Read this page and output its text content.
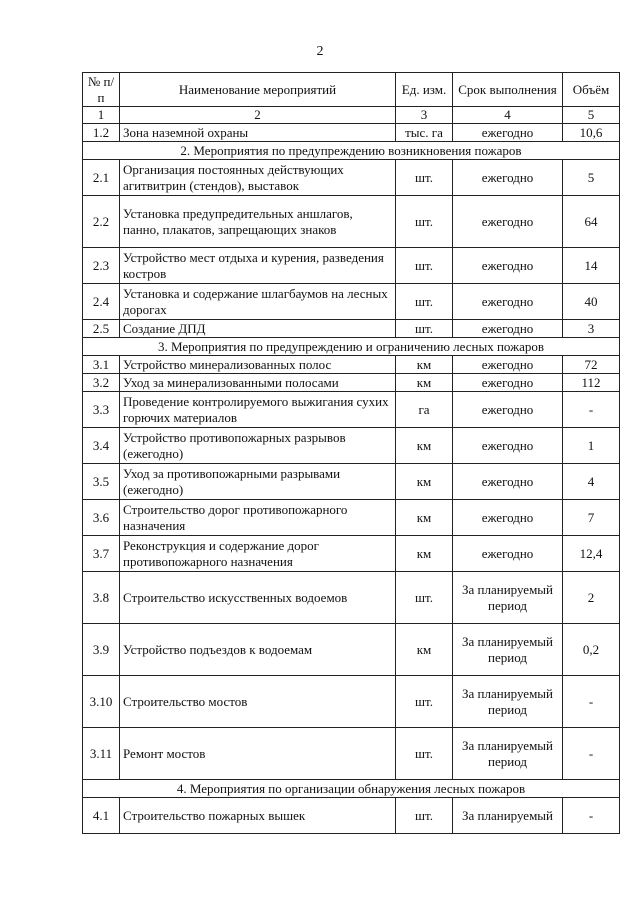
2
№ п/п	Наименование мероприятий	Ед. изм.	Срок выполнения	Объём
1	2	3	4	5
1.2	Зона наземной охраны	тыс. га	ежегодно	10,6
2. Мероприятия по предупреждению возникновения пожаров				
2.1	Организация постоянных действующих агитвитрин (стендов), выставок	шт.	ежегодно	5
2.2	Установка предупредительных аншлагов, панно, плакатов, запрещающих знаков	шт.	ежегодно	64
2.3	Устройство мест отдыха и курения, разведения костров	шт.	ежегодно	14
2.4	Установка и содержание шлагбаумов на лесных дорогах	шт.	ежегодно	40
2.5	Создание ДПД	шт.	ежегодно	3
3. Мероприятия по предупреждению и ограничению лесных пожаров				
3.1	Устройство минерализованных полос	км	ежегодно	72
3.2	Уход за минерализованными полосами	км	ежегодно	112
3.3	Проведение контролируемого выжигания сухих горючих материалов	га	ежегодно	-
3.4	Устройство противопожарных разрывов (ежегодно)	км	ежегодно	1
3.5	Уход за противопожарными разрывами (ежегодно)	км	ежегодно	4
3.6	Строительство дорог противопожарного назначения	км	ежегодно	7
3.7	Реконструкция и содержание дорог противопожарного назначения	км	ежегодно	12,4
3.8	Строительство искусственных водоемов	шт.	За планируемый период	2
3.9	Устройство подъездов к водоемам	км	За планируемый период	0,2
3.10	Строительство мостов	шт.	За планируемый период	-
3.11	Ремонт мостов	шт.	За планируемый период	-
4. Мероприятия по организации обнаружения лесных пожаров				
4.1	Строительство пожарных вышек	шт.	За планируемый	-
